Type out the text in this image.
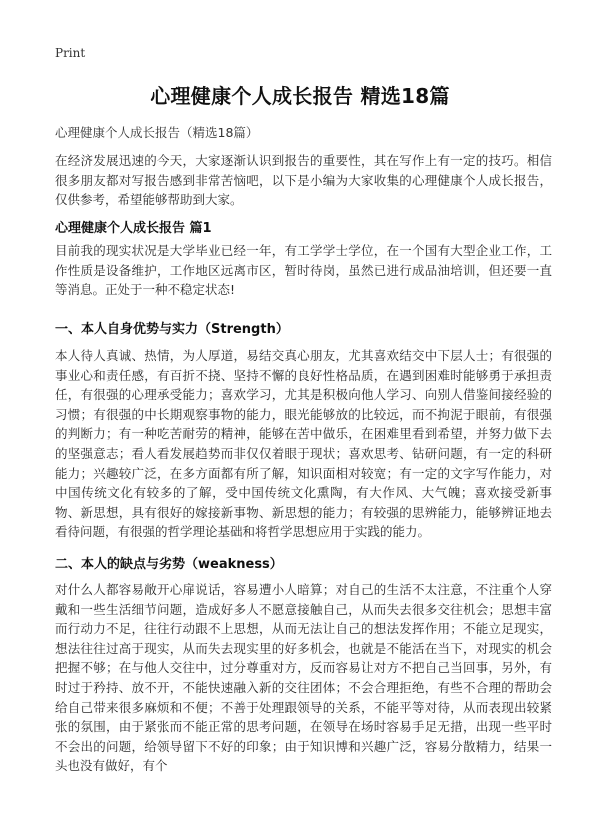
Print
心理健康个人成长报告 精选18篇
心理健康个人成长报告（精选18篇）

在经济发展迅速的今天，大家逐渐认识到报告的重要性，其在写作上有一定的技巧。相信很多朋友都对写报告感到非常苦恼吧，以下是小编为大家收集的心理健康个人成长报告，仅供参考，希望能够帮助到大家。

心理健康个人成长报告 篇1

目前我的现实状况是大学毕业已经一年，有工学学士学位，在一个国有大型企业工作，工作性质是设备维护，工作地区远离市区，暂时待岗，虽然已进行成品油培训，但还要一直等消息。正处于一种不稳定状态!

一、本人自身优势与实力（Strength）

本人待人真诚、热情，为人厚道，易结交真心朋友，尤其喜欢结交中下层人士；有很强的事业心和责任感，有百折不挠、坚持不懈的良好性格品质，在遇到困难时能够勇于承担责任，有很强的心理承受能力；喜欢学习，尤其是积极向他人学习、向别人借鉴间接经验的习惯；有很强的中长期观察事物的能力，眼光能够放的比较远，而不拘泥于眼前，有很强的判断力；有一种吃苦耐劳的精神，能够在苦中做乐，在困难里看到希望，并努力做下去的坚强意志；看人看发展趋势而非仅仅着眼于现状；喜欢思考、钻研问题，有一定的科研能力；兴趣较广泛，在多方面都有所了解，知识面相对较宽；有一定的文字写作能力，对中国传统文化有较多的了解，受中国传统文化熏陶，有大作风、大气魄；喜欢接受新事物、新思想，具有很好的嫁接新事物、新思想的能力；有较强的思辨能力，能够辨证地去看待问题，有很强的哲学理论基础和将哲学思想应用于实践的能力。

二、本人的缺点与劣势（weakness）

对什么人都容易敞开心扉说话，容易遭小人暗算；对自己的生活不太注意，不注重个人穿戴和一些生活细节问题，造成好多人不愿意接触自己，从而失去很多交往机会；思想丰富而行动力不足，往往行动跟不上思想，从而无法让自己的想法发挥作用；不能立足现实，想法往往过高于现实，从而失去现实里的好多机会，也就是不能活在当下，对现实的机会把握不够；在与他人交往中，过分尊重对方，反而容易让对方不把自己当回事，另外，有时过于矜持、放不开，不能快速融入新的交往团体；不会合理拒绝，有些不合理的帮助会给自己带来很多麻烦和不便；不善于处理跟领导的关系，不能平等对待，从而表现出较紧张的氛围，由于紧张而不能正常的思考问题，在领导在场时容易手足无措，出现一些平时不会出的问题，给领导留下不好的印象；由于知识博和兴趣广泛，容易分散精力，结果一头也没有做好，有个
